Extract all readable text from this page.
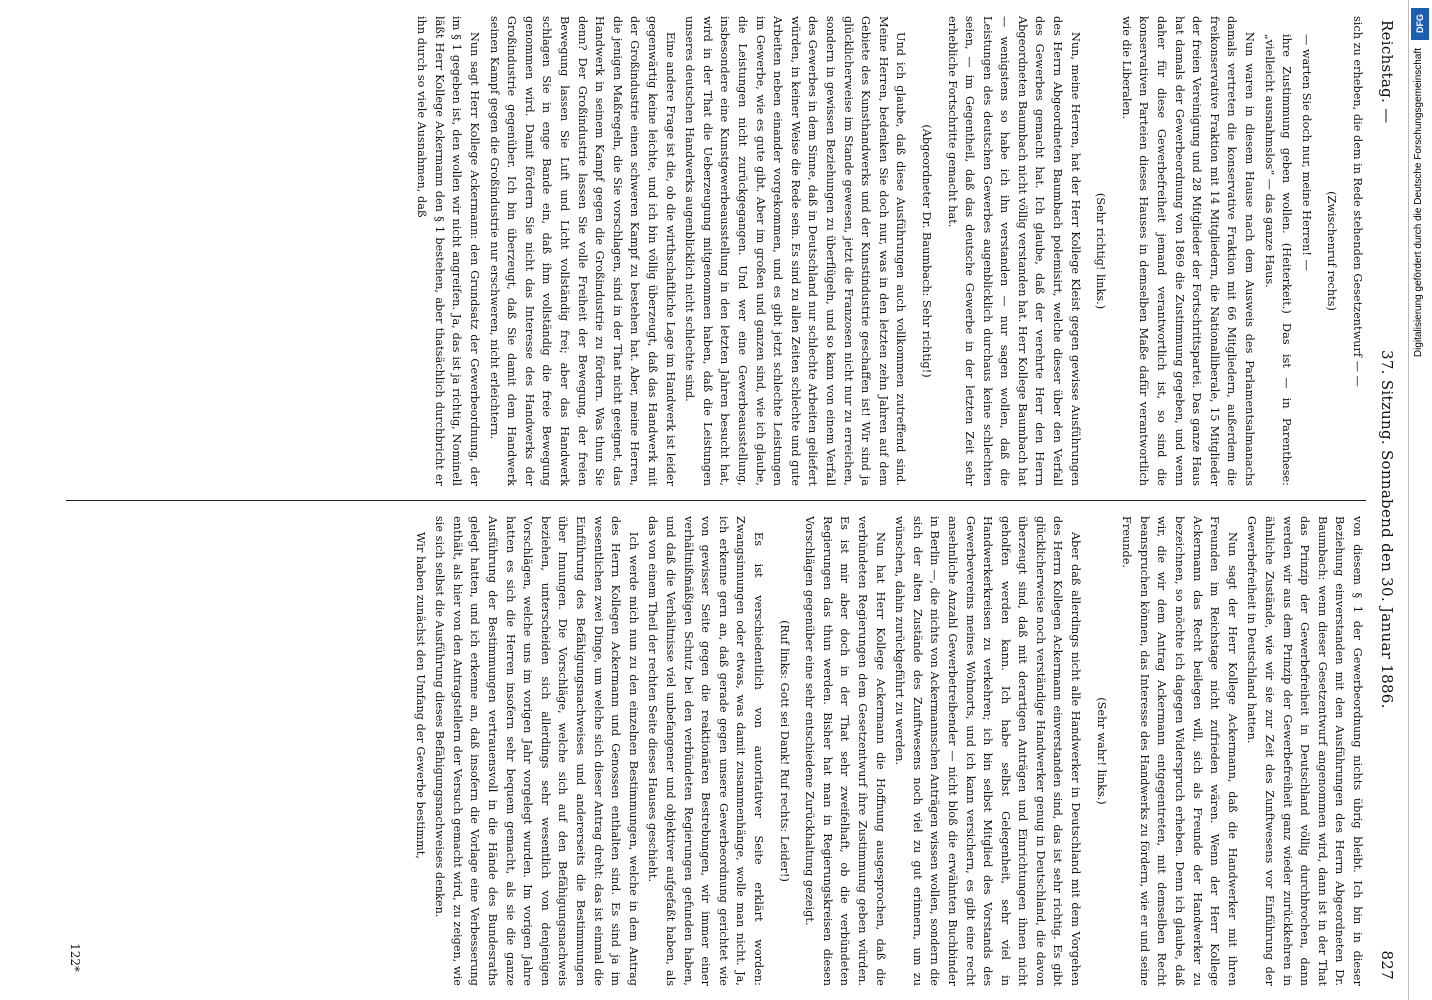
Reichstag. —
37. Sitzung. Sonnabend den 30. Januar 1886.
827

sich zu erheben, die dem in Rede stehenden Gesetzentwurf — —

(Zwischenruf rechts)

— warten Sie doch nur, meine Herren! —

ihre Zustimmung geben wollen. (Heiterkeit.) Das ist — in Parenthese: „vielleicht ausnahmslos“ — das ganze Haus.

Nun waren in diesem Hause nach dem Ausweis des Parlamentsalmanachs damals vertreten die konservative Fraktion mit 66 Mitgliedern, außerdem die freikonservative Fraktion mit 14 Mitgliedern, die Nationalliberale, 15 Mitglieder der freien Vereinigung und 28 Mitglieder der Fortschrittspartei. Das ganze Haus hat damals der Gewerbeordnung von 1869 die Zustimmung gegeben, und wenn daher für diese Gewerbefreiheit jemand verantwortlich ist, so sind die konservativen Parteien dieses Hauses in demselben Maße dafür verantwortlich wie die Liberalen.

(Sehr richtig! links.)

Nun, meine Herren, hat der Herr Kollege Kleist gegen gewisse Ausführungen des Herrn Abgeordneten Baumbach polemisirt, welche dieser über den Verfall des Gewerbes gemacht hat. Ich glaube, daß der verehrte Herr den Herrn Abgeordneten Baumbach nicht völlig verstanden hat. Herr Kollege Baumbach hat — wenigstens so habe ich ihn verstanden — nur sagen wollen, daß die Leistungen des deutschen Gewerbes augenblicklich durchaus keine schlechten seien, — im Gegentheil, daß das deutsche Gewerbe in der letzten Zeit sehr erhebliche Fortschritte gemacht hat.

(Abgeordneter Dr. Baumbach: Sehr richtig!)

Und ich glaube, daß diese Ausführungen auch vollkommen zutreffend sind. Meine Herren, bedenken Sie doch nur, was in den letzten zehn Jahren auf dem Gebiete des Kunsthandwerks und der Kunstindustrie geschaffen ist! Wir sind ja glücklicherweise im Stande gewesen, jetzt die Franzosen nicht nur zu erreichen, sondern in gewissen Beziehungen zu überflügeln, und so kann von einem Verfall des Gewerbes in dem Sinne, daß in Deutschland nur schlechte Arbeiten geliefert würden, in keiner Weise die Rede sein. Es sind zu allen Zeiten schlechte und gute Arbeiten neben einander vorgekommen, und es gibt jetzt schlechte Leistungen im Gewerbe, wie es gute gibt. Aber im großen und ganzen sind, wie ich glaube, die Leistungen nicht zurückgegangen. Und wer eine Gewerbeausstellung, insbesondere eine Kunstgewerbeausstellung in den letzten Jahren besucht hat, wird in der That die Ueberzeugung mitgenommen haben, daß die Leistungen unseres deutschen Handwerks augenblicklich nicht schlechte sind.

Eine andere Frage ist die, ob die wirthschaftliche Lage im Handwerk ist leider gegenwärtig keine leichte, und ich bin völlig überzeugt, daß das Handwerk mit der Großindustrie einen schweren Kampf zu bestehen hat. Aber, meine Herren, die jenigen Maßregeln, die Sie vorschlagen, sind in der That nicht geeignet, das Handwerk in seinem Kampf gegen die Großindustrie zu fördern. Was thun Sie denn? Der Großindustrie lassen Sie volle Freiheit der Bewegung, der freien Bewegung lassen Sie Luft und Licht vollständig frei; aber das Handwerk schlagen Sie in enge Bande ein, daß ihm vollständig die freie Bewegung genommen wird. Damit fördern Sie nicht das Interesse des Handwerks der Großindustrie gegenüber. Ich bin überzeugt, daß Sie damit dem Handwerk seinen Kampf gegen die Großindustrie nur erschweren, nicht erleichtern.

Nun sagt Herr Kollege Ackermann: den Grundsatz der Gewerbeordnung, der im § 1 gegeben ist, den wollen wir nicht angreifen. Ja, das ist ja richtig, Nominell läßt Herr Kollege Ackermann den § 1 bestehen, aber thatsächlich durchbricht er ihn durch so viele Ausnahmen, daß

von diesem § 1 der Gewerbeordnung nichts übrig bleibt. Ich bin in dieser Beziehung einverstanden mit den Ausführungen des Herrn Abgeordneten Dr. Baumbach: wenn dieser Gesetzentwurf angenommen wird, dann ist in der That das Prinzip der Gewerbefreiheit in Deutschland völlig durchbrochen, dann werden wir aus dem Prinzip der Gewerbefreiheit ganz wieder zurückkehren in ähnliche Zustände, wie wir sie zur Zeit des Zunftwesens vor Einführung der Gewerbefreiheit in Deutschland hatten.

Nun sagt der Herr Kollege Ackermann, daß die Handwerker mit ihren Freunden im Reichstage nicht zufrieden wären. Wenn der Herr Kollege Ackermann das Recht beilegen will, sich als Freunde der Handwerker zu bezeichnen, so möchte ich dagegen Widerspruch erheben. Denn ich glaube, daß wir, die wir dem Antrag Ackermann entgegentreten, mit demselben Recht beanspruchen können, das Interesse des Handwerks zu fördern, wie er und seine Freunde.

(Sehr wahr! links.)

Aber daß allerdings nicht alle Handwerker in Deutschland mit dem Vorgehen des Herrn Kollegen Ackermann einverstanden sind, das ist sehr richtig. Es gibt glücklicherweise noch verständige Handwerker genug in Deutschland, die davon überzeugt sind, daß mit derartigen Anträgen und Einrichtungen ihnen nicht geholfen werden kann. Ich habe selbst Gelegenheit, sehr viel in Handwerkerkreisen zu verkehren; ich bin selbst Mitglied des Vorstands des Gewerbevereins meines Wohnorts, und ich kann versichern, es gibt eine recht ansehnliche Anzahl Gewerbetreibender — nicht bloß die erwähnten Buchbinder in Berlin —, die nichts von Ackermannschen Anträgen wissen wollen, sondern die sich der alten Zustände des Zunftwesens noch viel zu gut erinnern, um zu wünschen, dahin zurückgeführt zu werden.

Nun hat Herr Kollege Ackermann die Hoffnung ausgesprochen, daß die verbündeten Regierungen dem Gesetzentwurf ihre Zustimmung geben würden. Es ist mir aber doch in der That sehr zweifelhaft, ob die verbündeten Regierungen das thun werden. Bisher hat man in Regierungskreisen diesen Vorschlägen gegenüber eine sehr entschiedene Zurückhaltung gezeigt.

(Ruf links: Gott sei Dank! Ruf rechts: Leider!)

Es ist verschiedentlich von autoritativer Seite erklärt worden: Zwangsinnungen oder etwas, was damit zusammenhänge, wolle man nicht. Ja, ich erkenne gern an, daß gerade gegen unsere Gewerbeordnung gerichtet wie von gewisser Seite gegen die reaktionären Bestrebungen, wir immer einer verhältnißmäßigen Schutz bei den verbündeten Regierungen gefunden haben, und daß die Verhältnisse viel unbefangener und objektiver aufgefaßt haben, als das von einem Theil der rechten Seite dieses Hauses geschieht.

Ich werde mich nun zu den einzelnen Bestimmungen, welche in dem Antrag des Herrn Kollegen Ackermann und Genossen enthalten sind. Es sind ja im wesentlichen zwei Dinge, um welche sich dieser Antrag dreht: das ist einmal die Einführung des Befähigungsnachweises und andererseits die Bestimmungen über Innungen. Die Vorschläge, welche sich auf den Befähigungsnachweis beziehen, unterscheiden sich allerdings sehr wesentlich von denjenigen Vorschlägen, welche uns im vorigen Jahr vorgelegt wurden. Im vorigen Jahre hatten es sich die Herren insofern sehr bequem gemacht, als sie die ganze Ausführung der Bestimmungen vertrauensvoll in die Hände des Bundesraths gelegt hatten, und ich erkenne an, daß insofern die Vorlage eine Verbesserung enthält, als hier von den Antragstellern der Versuch gemacht wird, zu zeigen, wie sie sich selbst die Ausführung dieses Befähigungsnachweises denken.

Wir haben zunächst den Umfang der Gewerbe bestimmt,

122*
DFG
Digitalisierung gefördert durch die Deutsche Forschungsgemeinschaft
